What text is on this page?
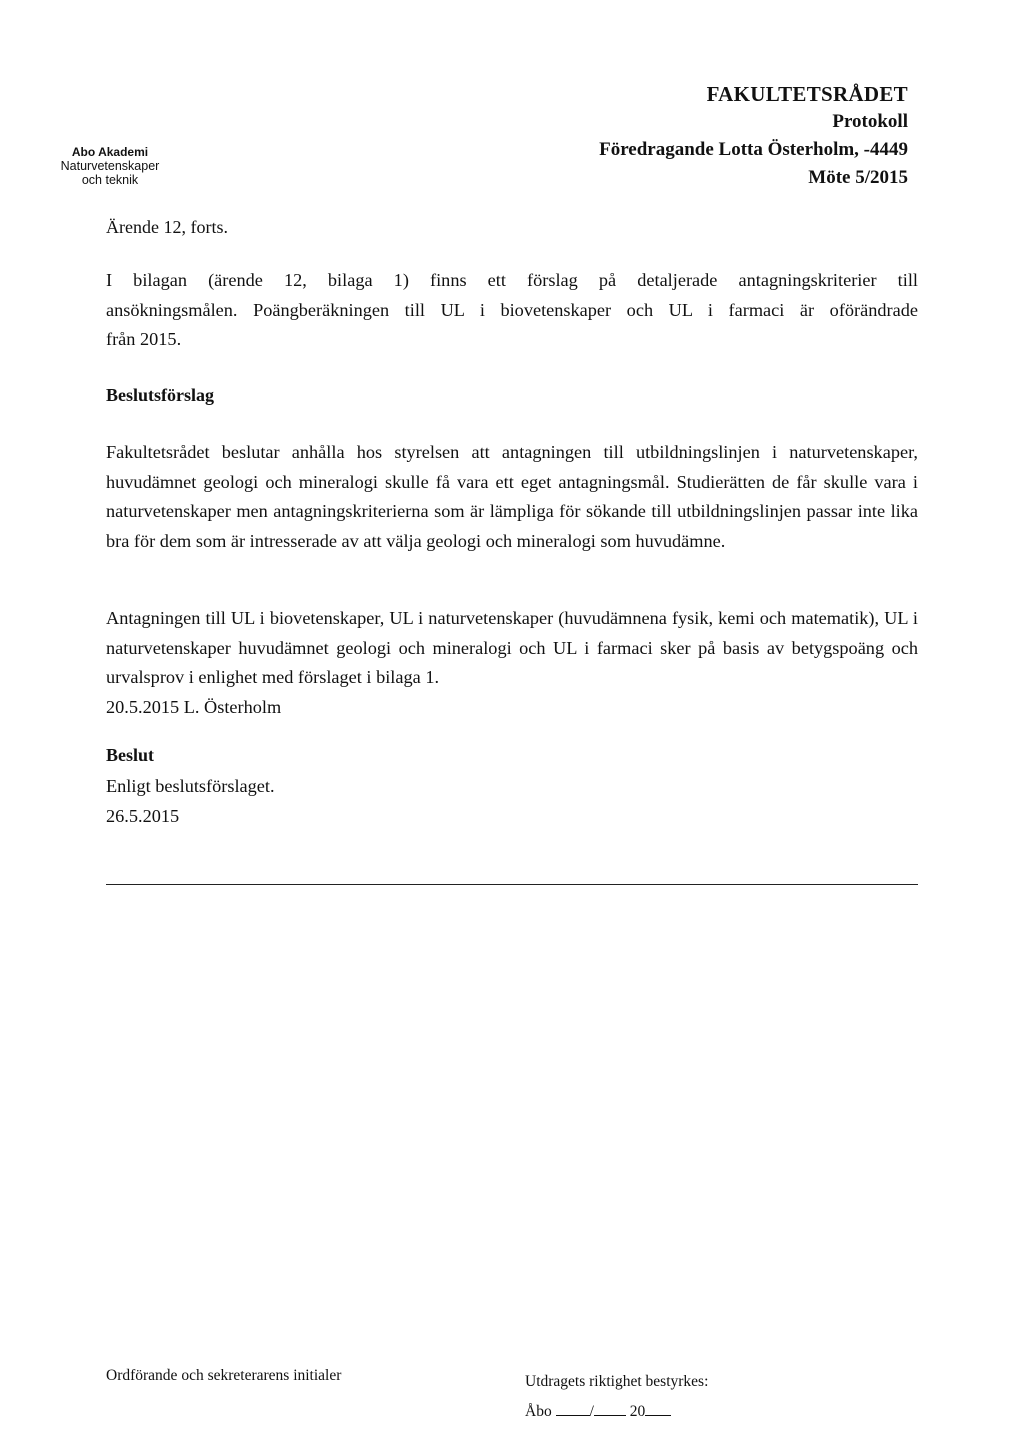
Abo Akademi
Naturvetenskaper
och teknik
FAKULTETSRÅDET
Protokoll
Föredragande Lotta Österholm, -4449
Möte 5/2015
Ärende 12, forts.

I bilagan (ärende 12, bilaga 1) finns ett förslag på detaljerade antagningskriterier till

ansökningsmålen. Poängberäkningen till UL i biovetenskaper och UL i farmaci är oförändrade

från 2015.

Beslutsförslag

Fakultetsrådet beslutar anhålla hos styrelsen att antagningen till utbildningslinjen i naturvetenskaper, huvudämnet geologi och mineralogi skulle få vara ett eget antagningsmål. Studierätten de får skulle vara i naturvetenskaper men antagningskriterierna som är lämpliga för sökande till utbildningslinjen passar inte lika bra för dem som är intresserade av att välja geologi och mineralogi som huvudämne.

Antagningen till UL i biovetenskaper, UL i naturvetenskaper (huvudämnena fysik, kemi och matematik), UL i naturvetenskaper huvudämnet geologi och mineralogi och UL i farmaci sker på basis av betygspoäng och urvalsprov i enlighet med förslaget i bilaga 1.

20.5.2015 L. Österholm

Beslut

Enligt beslutsförslaget.

26.5.2015

Ordförande och sekreterarens initialer	Utdragets riktighet bestyrkes:
Åbo / 20
